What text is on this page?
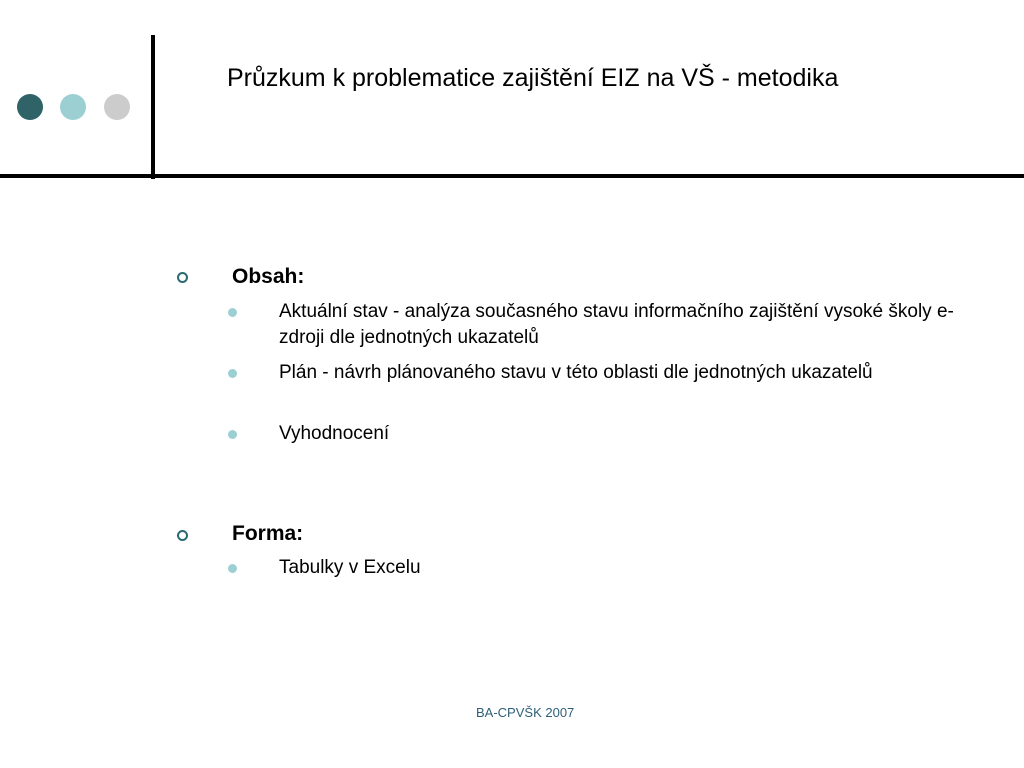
Průzkum k problematice zajištění EIZ na VŠ - metodika
Obsah:

Aktuální stav - analýza současného stavu informačního zajištění vysoké školy e-zdroji dle jednotných ukazatelů

Plán - návrh plánovaného stavu v této oblasti dle jednotných ukazatelů

Vyhodnocení

Forma:

Tabulky v Excelu

BA-CPVŠK 2007
